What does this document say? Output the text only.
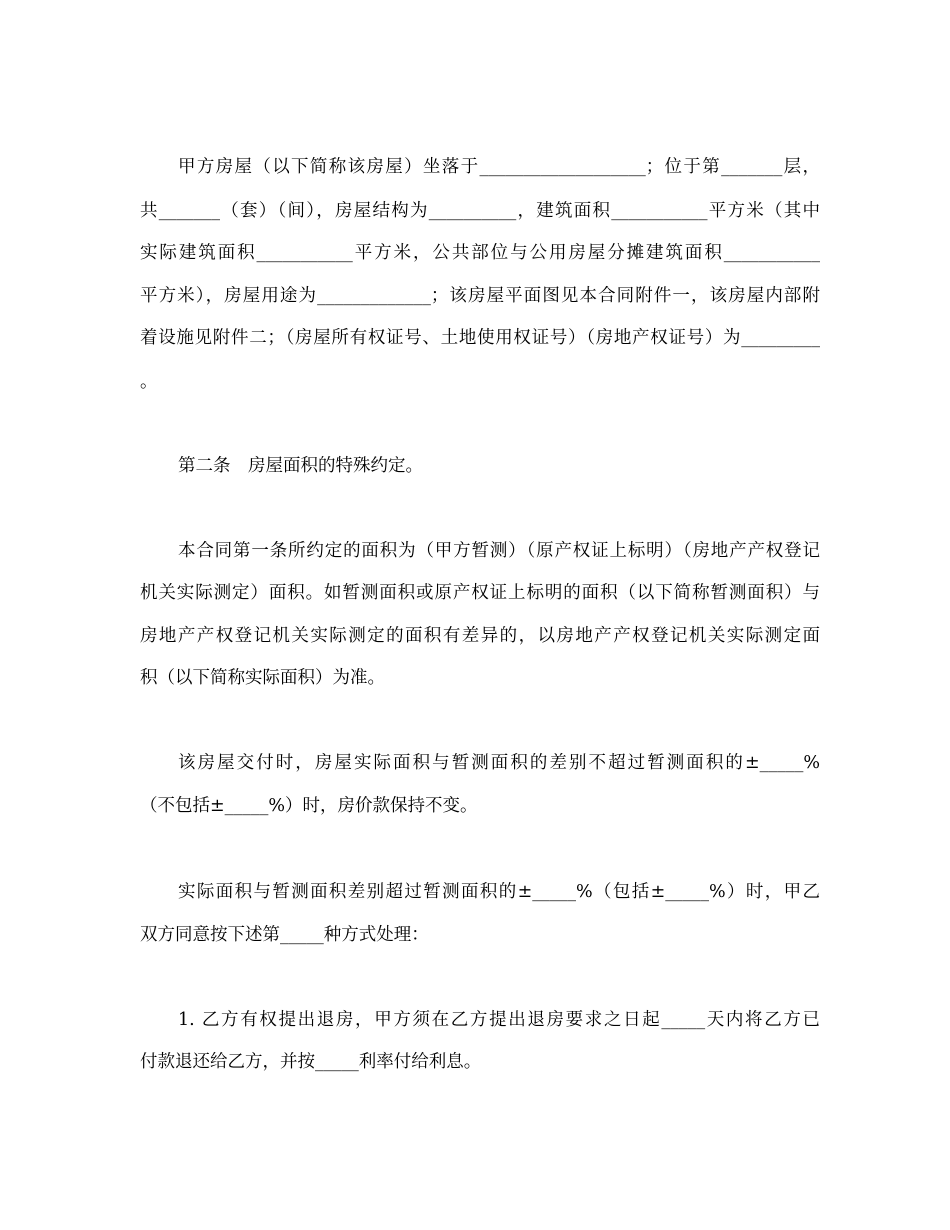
甲方房屋（以下简称该房屋）坐落于___________________；位于第_______层，
共_______（套）（间），房屋结构为__________，建筑面积___________平方米（其中
实际建筑面积___________平方米，公共部位与公用房屋分摊建筑面积___________
平方米），房屋用途为_____________；该房屋平面图见本合同附件一，该房屋内部附
着设施见附件二；（房屋所有权证号、土地使用权证号）（房地产权证号）为_________
。
第二条　房屋面积的特殊约定。
本合同第一条所约定的面积为（甲方暂测）（原产权证上标明）（房地产产权登记
机关实际测定）面积。如暂测面积或原产权证上标明的面积（以下简称暂测面积）与
房地产产权登记机关实际测定的面积有差异的，以房地产产权登记机关实际测定面
积（以下简称实际面积）为准。
该房屋交付时，房屋实际面积与暂测面积的差别不超过暂测面积的±_____%
（不包括±_____%）时，房价款保持不变。
实际面积与暂测面积差别超过暂测面积的±_____%（包括±_____%）时，甲乙
双方同意按下述第_____种方式处理：
1. 乙方有权提出退房，甲方须在乙方提出退房要求之日起_____天内将乙方已
付款退还给乙方，并按_____利率付给利息。
